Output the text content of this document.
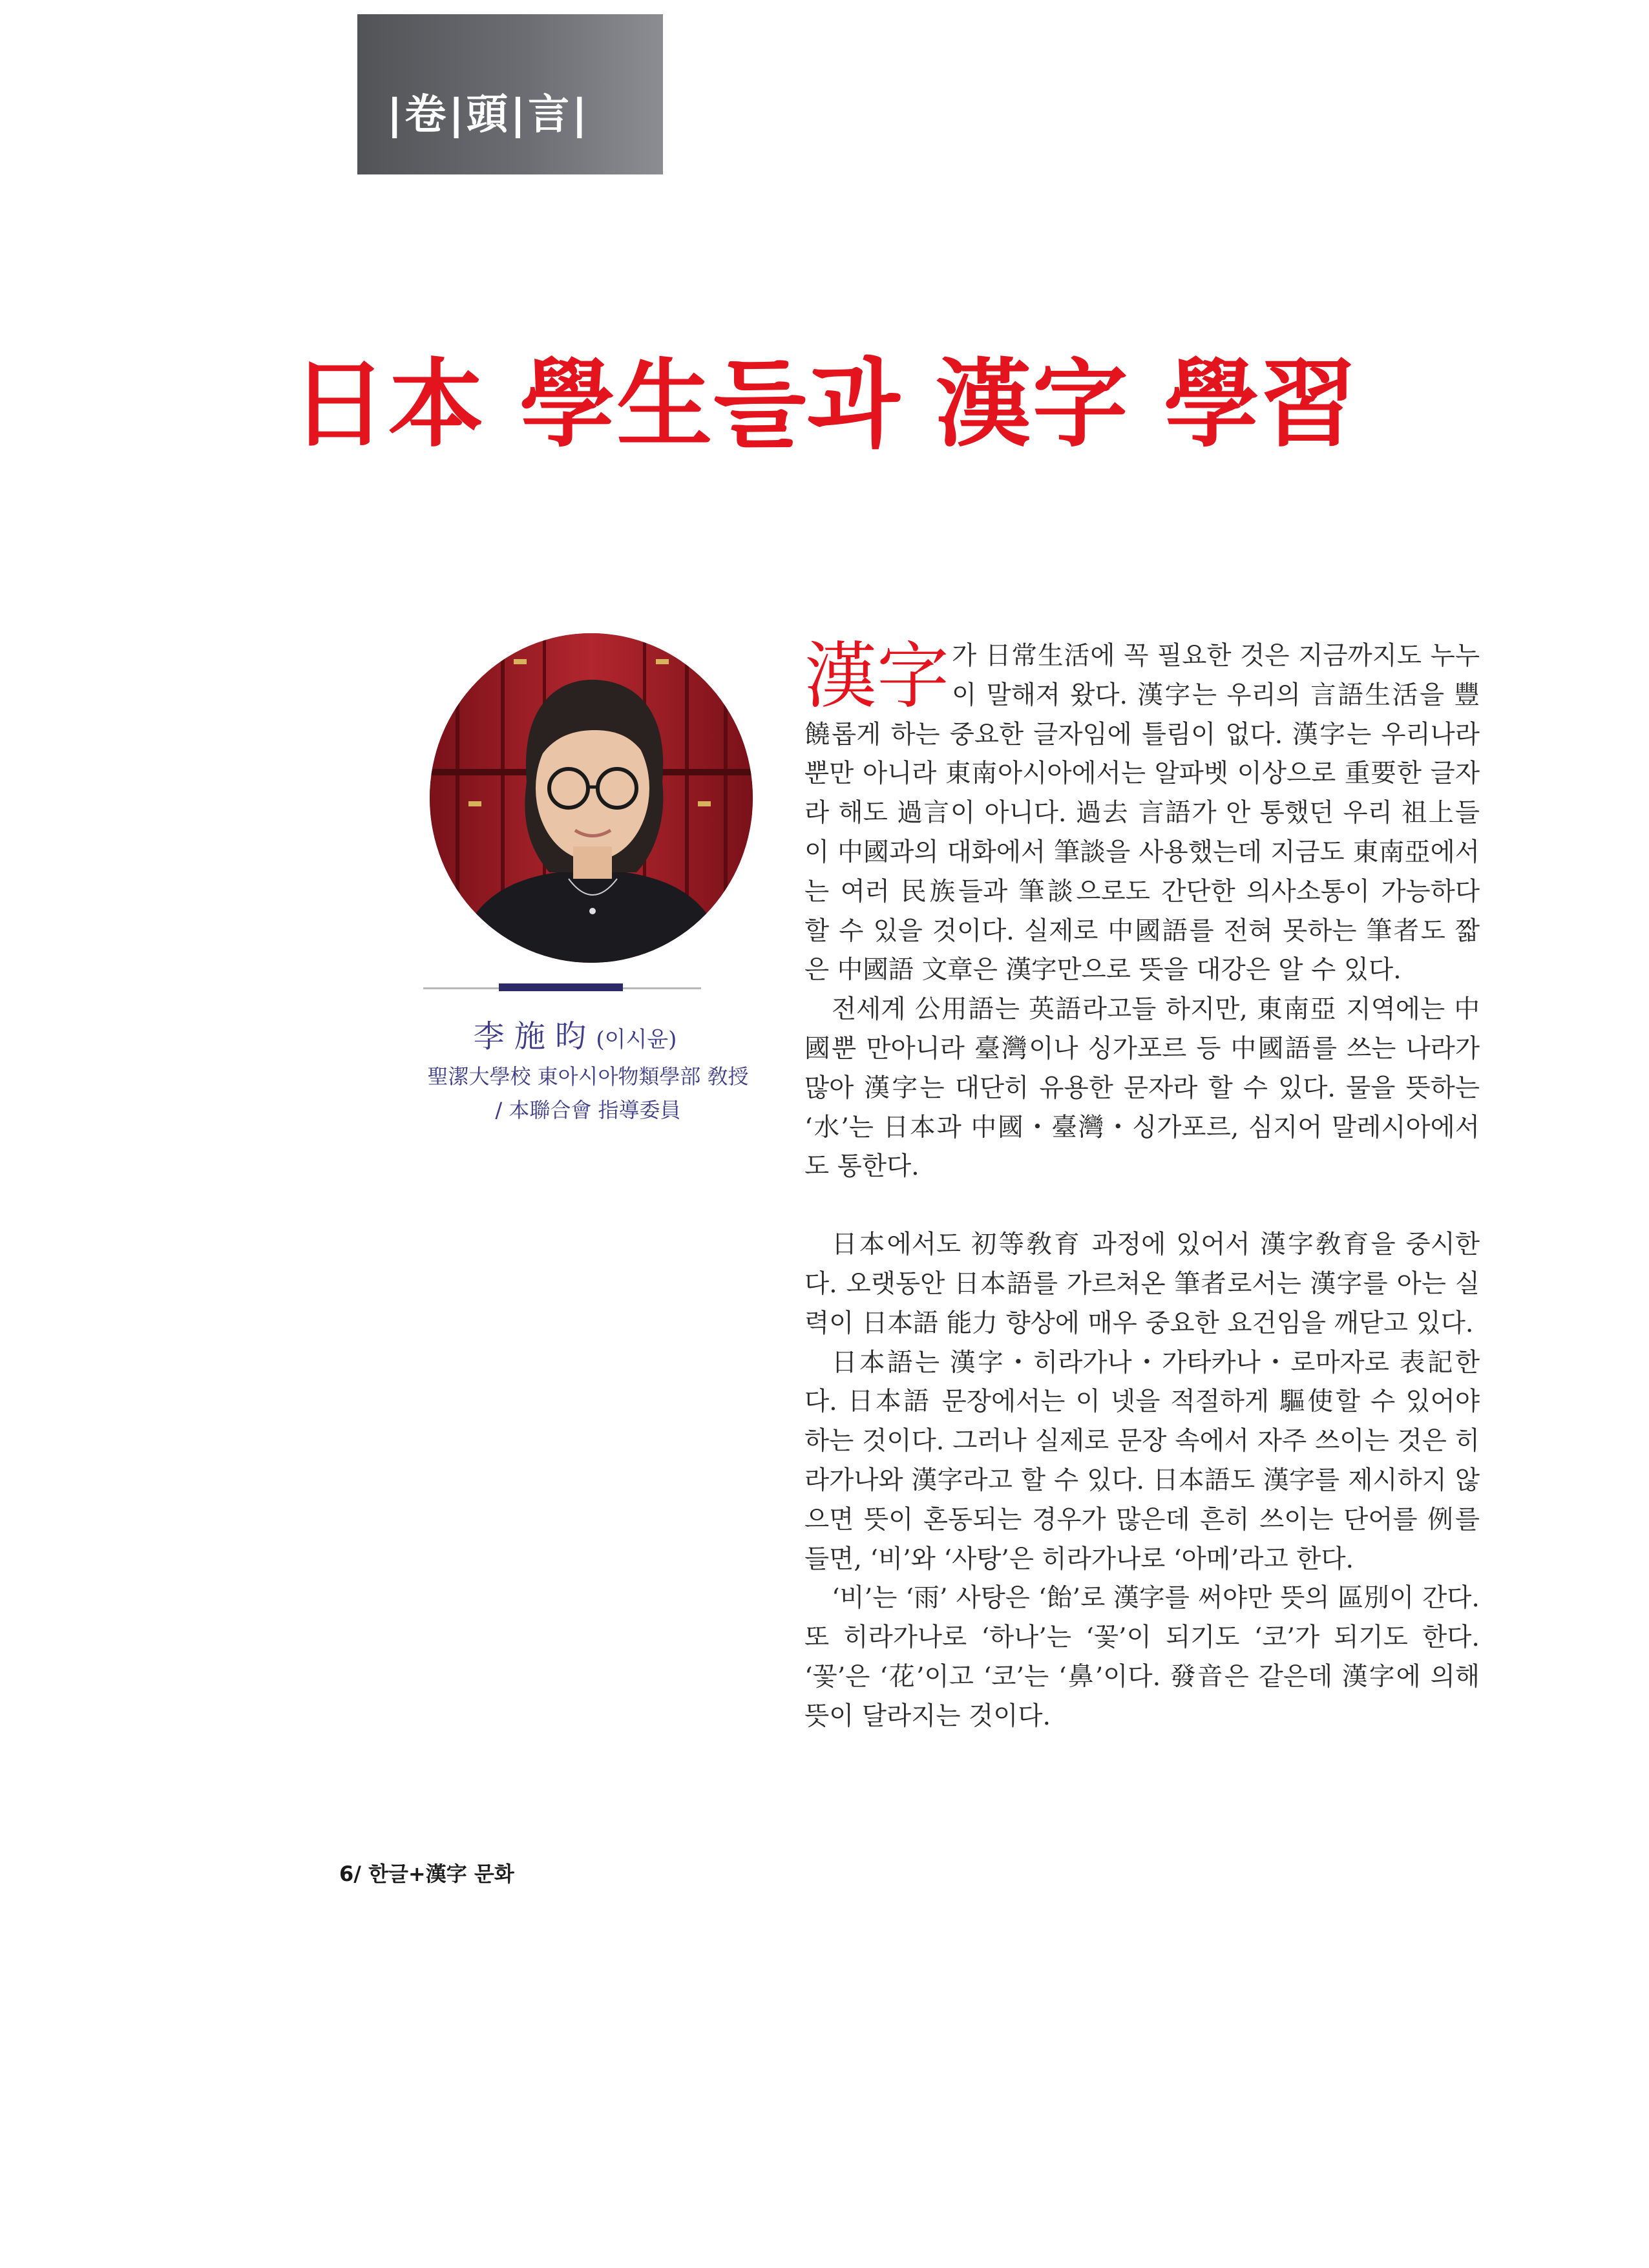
|卷|頭|言|
日本 學生들과 漢字 學習
李 施 昀 (이시윤)
聖潔大學校 東아시아物類學部 敎授
/ 本聯合會 指導委員

漢字 가 日常生活에 꼭 필요한 것은 지금까지도 누누이 말해져 왔다. 漢字는 우리의 言語生活을 豐饒롭게 하는 중요한 글자임에 틀림이 없다. 漢字는 우리나라뿐만 아니라 東南아시아에서는 알파벳 이상으로 重要한 글자라 해도 過言이 아니다. 過去 言語가 안 통했던 우리 祖上들이 中國과의 대화에서 筆談을 사용했는데 지금도 東南亞에서는 여러 民族들과 筆談으로도 간단한 의사소통이 가능하다 할 수 있을 것이다. 실제로 中國語를 전혀 못하는 筆者도 짧은 中國語 文章은 漢字만으로 뜻을 대강은 알 수 있다.

전세계 公用語는 英語라고들 하지만, 東南亞 지역에는 中國뿐 만아니라 臺灣이나 싱가포르 등 中國語를 쓰는 나라가 많아 漢字는 대단히 유용한 문자라 할 수 있다. 물을 뜻하는 ‘水’는 日本과 中國・臺灣・싱가포르, 심지어 말레시아에서도 통한다.

日本에서도 初等敎育 과정에 있어서 漢字敎育을 중시한다. 오랫동안 日本語를 가르쳐온 筆者로서는 漢字를 아는 실력이 日本語 能力 향상에 매우 중요한 요건임을 깨닫고 있다.

日本語는 漢字・히라가나・가타카나・로마자로 表記한다. 日本語 문장에서는 이 넷을 적절하게 驅使할 수 있어야 하는 것이다. 그러나 실제로 문장 속에서 자주 쓰이는 것은 히라가나와 漢字라고 할 수 있다. 日本語도 漢字를 제시하지 않으면 뜻이 혼동되는 경우가 많은데 흔히 쓰이는 단어를 例를 들면, ‘비’와 ‘사탕’은 히라가나로 ‘아메’라고 한다.

‘비’는 ‘雨’ 사탕은 ‘飴’로 漢字를 써야만 뜻의 區別이 간다. 또 히라가나로 ‘하나’는 ‘꽃’이 되기도 ‘코’가 되기도 한다. ‘꽃’은 ‘花’이고 ‘코’는 ‘鼻’이다. 發音은 같은데 漢字에 의해 뜻이 달라지는 것이다.

6/ 한글+漢字 문화
